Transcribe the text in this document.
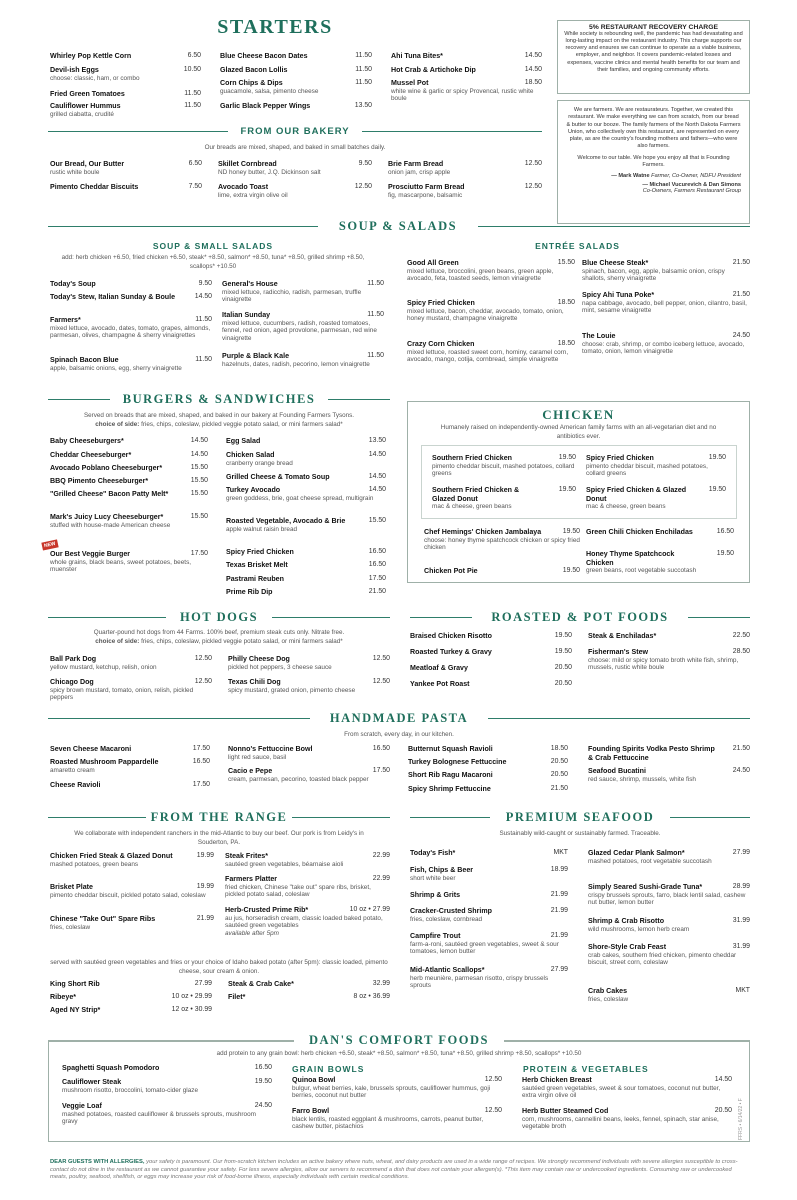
STARTERS
Whirley Pop Kettle Corn	6.50
Devil-ish Eggs	10.50
choose: classic, ham, or combo
Fried Green Tomatoes	11.50
Cauliflower Hummus	11.50
grilled ciabatta, crudité
Blue Cheese Bacon Dates	11.50
Glazed Bacon Lollis	11.50
Corn Chips & Dips	11.50
guacamole, salsa, pimento cheese
Garlic Black Pepper Wings	13.50
Ahi Tuna Bites*	14.50
Hot Crab & Artichoke Dip	14.50
Mussel Pot	18.50
white wine & garlic or spicy Provencal, rustic white boule
FROM OUR BAKERY
Our breads are mixed, shaped, and baked in small batches daily.
Our Bread, Our Butter	6.50
rustic white boule
Pimento Cheddar Biscuits	7.50
Skillet Cornbread	9.50
ND honey butter, J.Q. Dickinson salt
Avocado Toast	12.50
lime, extra virgin olive oil
Brie Farm Bread	12.50
onion jam, crisp apple
Prosciutto Farm Bread	12.50
fig, mascarpone, balsamic
5% RESTAURANT RECOVERY CHARGE
While society is rebounding well, the pandemic has had devastating and long-lasting impact on the restaurant industry. This charge supports our recovery and ensures we can continue to operate as a viable business, employer, and neighbor. It covers pandemic-related losses and expenses, vaccine clinics and mental health benefits for our team and their families, and ongoing community efforts.
We are farmers. We are restaurateurs. Together, we created this restaurant. We make everything we can from scratch, from our bread & butter to our booze. The family farmers of the North Dakota Farmers Union, who collectively own this restaurant, are represented on every plate, as are the country's founding mothers and fathers—who were also farmers.
Welcome to our table. We hope you enjoy all that is Founding Farmers.
— Mark Watne Farmer, Co-Owner, NDFU President
— Michael Vucurevich & Dan Simons
Co-Owners, Farmers Restaurant Group
SOUP & SALADS
SOUP & SMALL SALADS
add: herb chicken +6.50, fried chicken +6.50, steak* +8.50, salmon* +8.50, tuna* +8.50, grilled shrimp +8.50, scallops* +10.50
ENTRÉE SALADS
Today's Soup	9.50
Today's Stew, Italian Sunday & Boule	14.50
Farmers*	11.50
mixed lettuce, avocado, dates, tomato, grapes, almonds, parmesan, olives, champagne & sherry vinaigrettes
Spinach Bacon Blue	11.50
apple, balsamic onions, egg, sherry vinaigrette
General's House	11.50
mixed lettuce, radicchio, radish, parmesan, truffle vinaigrette
Italian Sunday	11.50
mixed lettuce, cucumbers, radish, roasted tomatoes, fennel, red onion, aged provolone, parmesan, red wine vinaigrette
Purple & Black Kale	11.50
hazelnuts, dates, radish, pecorino, lemon vinaigrette
Good All Green	15.50
mixed lettuce, broccolini, green beans, green apple, avocado, feta, toasted seeds, lemon vinaigrette
Spicy Fried Chicken	18.50
mixed lettuce, bacon, cheddar, avocado, tomato, onion, honey mustard, champagne vinaigrette
Crazy Corn Chicken	18.50
mixed lettuce, roasted sweet corn, hominy, caramel corn, avocado, mango, cotija, cornbread, simple vinaigrette
Blue Cheese Steak*	21.50
spinach, bacon, egg, apple, balsamic onion, crispy shallots, sherry vinaigrette
Spicy Ahi Tuna Poke*	21.50
napa cabbage, avocado, bell pepper, onion, cilantro, basil, mint, sesame vinaigrette
The Louie	24.50
choose: crab, shrimp, or combo iceberg lettuce, avocado, tomato, onion, lemon vinaigrette
BURGERS & SANDWICHES
Served on breads that are mixed, shaped, and baked in our bakery at Founding Farmers Tysons.
choice of side: fries, chips, coleslaw, pickled veggie potato salad, or mini farmers salad*
Baby Cheeseburgers*	14.50
Cheddar Cheeseburger*	14.50
Avocado Poblano Cheeseburger*	15.50
BBQ Pimento Cheeseburger*	15.50
"Grilled Cheese" Bacon Patty Melt*	15.50
Mark's Juicy Lucy Cheeseburger*	15.50
stuffed with house-made American cheese
Our Best Veggie Burger	17.50
whole grains, black beans, sweet potatoes, beets, muenster
Egg Salad	13.50
Chicken Salad	14.50
cranberry orange bread
Grilled Cheese & Tomato Soup	14.50
Turkey Avocado	14.50
green goddess, brie, goat cheese spread, multigrain
Roasted Vegetable, Avocado & Brie	15.50
apple walnut raisin bread
Spicy Fried Chicken	16.50
Texas Brisket Melt	16.50
Pastrami Reuben	17.50
Prime Rib Dip	21.50
NEW
CHICKEN
Humanely raised on independently-owned American family farms with an all-vegetarian diet and no antibiotics ever.
Southern Fried Chicken	19.50
pimento cheddar biscuit, mashed potatoes, collard greens
Southern Fried Chicken & Glazed Donut
19.50
mac & cheese, green beans
Spicy Fried Chicken	19.50
pimento cheddar biscuit, mashed potatoes, collard greens
Spicy Fried Chicken & Glazed Donut
19.50
mac & cheese, green beans
Chef Hemings' Chicken Jambalaya	19.50
choose: honey thyme spatchcock chicken or spicy fried chicken
Chicken Pot Pie	19.50
Green Chili Chicken Enchiladas	16.50
Honey Thyme Spatchcock Chicken
19.50
green beans, root vegetable succotash
HOT DOGS
Quarter-pound hot dogs from 44 Farms. 100% beef, premium steak cuts only. Nitrate free.
choice of side: fries, chips, coleslaw, pickled veggie potato salad, or mini farmers salad*
Ball Park Dog	12.50
yellow mustard, ketchup, relish, onion
Chicago Dog	12.50
spicy brown mustard, tomato, onion, relish, pickled peppers
Philly Cheese Dog	12.50
pickled hot peppers, 3 cheese sauce
Texas Chili Dog	12.50
spicy mustard, grated onion, pimento cheese
ROASTED & POT FOODS
Braised Chicken Risotto	19.50
Roasted Turkey & Gravy	19.50
Meatloaf & Gravy	20.50
Yankee Pot Roast	20.50
Steak & Enchiladas*	22.50
Fisherman's Stew	28.50
choose: mild or spicy tomato broth white fish, shrimp, mussels, rustic white boule
HANDMADE PASTA
From scratch, every day, in our kitchen.
Seven Cheese Macaroni	17.50
Roasted Mushroom Pappardelle	16.50
amaretto cream
Cheese Ravioli	17.50
Nonno's Fettuccine Bowl	16.50
light red sauce, basil
Cacio e Pepe	17.50
cream, parmesan, pecorino, toasted black pepper
Butternut Squash Ravioli	18.50
Turkey Bolognese Fettuccine	20.50
Short Rib Ragu Macaroni	20.50
Spicy Shrimp Fettuccine	21.50
Founding Spirits Vodka Pesto Shrimp & Crab Fettuccine
21.50
Seafood Bucatini	24.50
red sauce, shrimp, mussels, white fish
FROM THE RANGE
We collaborate with independent ranchers in the mid-Atlantic to buy our beef. Our pork is from Leidy's in Souderton, PA.
served with sautéed green vegetables and fries or your choice of Idaho baked potato (after 5pm): classic loaded, pimento cheese, sour cream & onion.
Chicken Fried Steak & Glazed Donut	19.99
mashed potatoes, green beans
Brisket Plate	19.99
pimento cheddar biscuit, pickled potato salad, coleslaw
Chinese "Take Out" Spare Ribs	21.99
fries, coleslaw
Steak Frites*	22.99
sautéed green vegetables, béarnaise aioli
Farmers Platter	22.99
fried chicken, Chinese "take out" spare ribs, brisket, pickled potato salad, coleslaw
Herb-Crusted Prime Rib*	10 oz • 27.99
au jus, horseradish cream, classic loaded baked potato, sautéed green vegetables
available after 5pm
King Short Rib	27.99
Ribeye*	10 oz • 29.99
Aged NY Strip*	12 oz • 30.99
Steak & Crab Cake*	32.99
Filet*	8 oz • 36.99
PREMIUM SEAFOOD
Sustainably wild-caught or sustainably farmed. Traceable.
Today's Fish*	MKT
Fish, Chips & Beer	18.99
short white beer
Shrimp & Grits	21.99
Cracker-Crusted Shrimp	21.99
fries, coleslaw, cornbread
Campfire Trout	21.99
farm-a-roni, sautéed green vegetables, sweet & sour tomatoes, lemon butter
Mid-Atlantic Scallops*	27.99
herb meunière, parmesan risotto, crispy brussels sprouts
Glazed Cedar Plank Salmon*	27.99
mashed potatoes, root vegetable succotash
Simply Seared Sushi-Grade Tuna*	28.99
crispy brussels sprouts, farro, black lentil salad, cashew nut butter, lemon butter
Shrimp & Crab Risotto	31.99
wild mushrooms, lemon herb cream
Shore-Style Crab Feast	31.99
crab cakes, southern fried chicken, pimento cheddar biscuit, street corn, coleslaw
Crab Cakes	MKT
fries, coleslaw
DAN'S COMFORT FOODS
add protein to any grain bowl: herb chicken +6.50, steak* +8.50, salmon* +8.50, tuna* +8.50, grilled shrimp +8.50, scallops* +10.50
GRAIN BOWLS	PROTEIN & VEGETABLES
Spaghetti Squash Pomodoro	16.50
Cauliflower Steak	19.50
mushroom risotto, broccolini, tomato-cider glaze
Veggie Loaf	24.50
mashed potatoes, roasted cauliflower & brussels sprouts, mushroom gravy
Quinoa Bowl	12.50
bulgur, wheat berries, kale, brussels sprouts, cauliflower hummus, goji berries, coconut nut butter
Farro Bowl	12.50
black lentils, roasted eggplant & mushrooms, carrots, peanut butter, cashew butter, pistachios
Herb Chicken Breast	14.50
sautéed green vegetables, sweet & sour tomatoes, coconut nut butter, extra virgin olive oil
Herb Butter Steamed Cod	20.50
corn, mushrooms, cannellini beans, leeks, fennel, spinach, star anise, vegetable broth
DEAR GUESTS WITH ALLERGIES, your safety is paramount. Our from-scratch kitchen includes an active bakery where nuts, wheat, and dairy products are used in a wide range of recipes. We strongly recommend individuals with severe allergies susceptible to cross-contact do not dine in the restaurant as we cannot guarantee your safety. For less severe allergies, allow our servers to recommend a dish that does not contain your allergen(s). *This item may contain raw or undercooked ingredients. Consuming raw or undercooked meats, poultry, seafood, shellfish, or eggs may increase your risk of food-borne illness, especially individuals with certain medical conditions.
FFRS • 6/14/22 • F
